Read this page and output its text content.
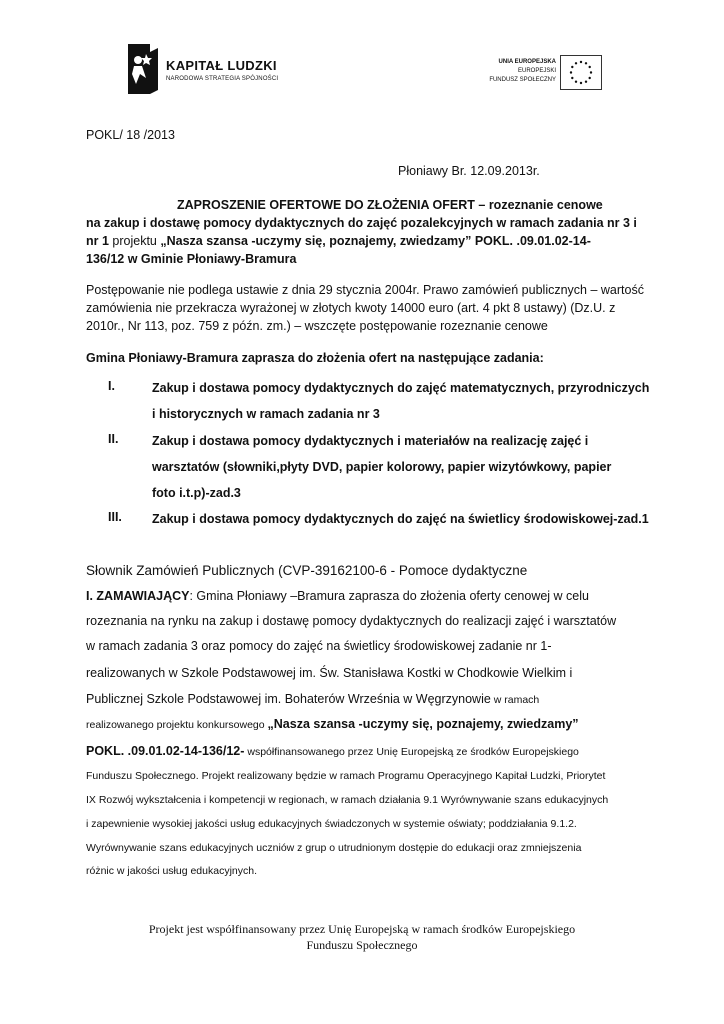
KAPITAŁ LUDZKI
NARODOWA STRATEGIA SPÓJNOŚCI
UNIA EUROPEJSKA
EUROPEJSKI
FUNDUSZ SPOŁECZNY
POKL/ 18 /2013
Płoniawy Br. 12.09.2013r.
ZAPROSZENIE OFERTOWE DO ZŁOŻENIA OFERT – rozeznanie cenowe
na zakup i dostawę pomocy dydaktycznych do zajęć pozalekcyjnych w ramach zadania nr 3 i
nr 1 projektu „Nasza szansa -uczymy się, poznajemy, zwiedzamy” POKL. .09.01.02-14-
136/12 w Gminie Płoniawy-Bramura
Postępowanie nie podlega ustawie z dnia 29 stycznia 2004r. Prawo zamówień publicznych – wartość
zamówienia nie przekracza wyrażonej w złotych kwoty 14000 euro (art. 4 pkt 8 ustawy) (Dz.U. z
2010r., Nr 113, poz. 759 z późn. zm.) – wszczęte postępowanie rozeznanie cenowe
Gmina Płoniawy-Bramura zaprasza do złożenia ofert na następujące zadania:
I.	Zakup i dostawa pomocy dydaktycznych do zajęć matematycznych, przyrodniczych
i historycznych w ramach zadania nr 3
II.	Zakup i dostawa pomocy dydaktycznych i materiałów na realizację zajęć i
warsztatów (słowniki,płyty DVD, papier kolorowy, papier wizytówkowy, papier
foto i.t.p)-zad.3
III. Zakup i dostawa pomocy dydaktycznych do zajęć na świetlicy środowiskowej-zad.1
Słownik Zamówień Publicznych (CVP-39162100-6 - Pomoce dydaktyczne
I. ZAMAWIAJĄCY: Gmina Płoniawy –Bramura zaprasza do złożenia oferty cenowej w celu
rozeznania na rynku na zakup i dostawę pomocy dydaktycznych do realizacji zajęć i warsztatów
w ramach zadania 3 oraz pomocy do zajęć na świetlicy środowiskowej zadanie nr 1-
realizowanych w Szkole Podstawowej im. Św. Stanisława Kostki w Chodkowie Wielkim i
Publicznej Szkole Podstawowej im. Bohaterów Września w Węgrzynowie w ramach
realizowanego projektu konkursowego „Nasza szansa -uczymy się, poznajemy, zwiedzamy”
POKL. .09.01.02-14-136/12- współfinansowanego przez Unię Europejską ze środków Europejskiego
Funduszu Społecznego. Projekt realizowany będzie w ramach Programu Operacyjnego Kapitał Ludzki, Priorytet
IX Rozwój wykształcenia i kompetencji w regionach, w ramach działania 9.1 Wyrównywanie szans edukacyjnych
i zapewnienie wysokiej jakości usług edukacyjnych świadczonych w systemie oświaty; poddziałania 9.1.2.
Wyrównywanie szans edukacyjnych uczniów z grup o utrudnionym dostępie do edukacji oraz zmniejszenia
różnic w jakości usług edukacyjnych.
Projekt jest współfinansowany przez Unię Europejską w ramach środków Europejskiego
Funduszu Społecznego
